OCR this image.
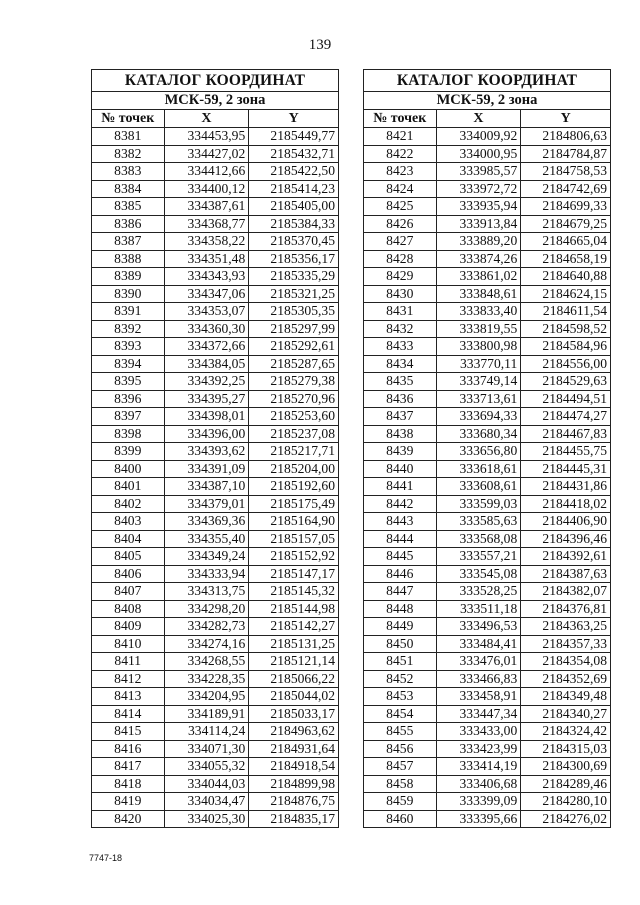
139
КАТАЛОГ КООРДИНАТ		
МСК-59, 2 зона		
№ точек	X	Y
8381	334453,95	2185449,77
8382	334427,02	2185432,71
8383	334412,66	2185422,50
8384	334400,12	2185414,23
8385	334387,61	2185405,00
8386	334368,77	2185384,33
8387	334358,22	2185370,45
8388	334351,48	2185356,17
8389	334343,93	2185335,29
8390	334347,06	2185321,25
8391	334353,07	2185305,35
8392	334360,30	2185297,99
8393	334372,66	2185292,61
8394	334384,05	2185287,65
8395	334392,25	2185279,38
8396	334395,27	2185270,96
8397	334398,01	2185253,60
8398	334396,00	2185237,08
8399	334393,62	2185217,71
8400	334391,09	2185204,00
8401	334387,10	2185192,60
8402	334379,01	2185175,49
8403	334369,36	2185164,90
8404	334355,40	2185157,05
8405	334349,24	2185152,92
8406	334333,94	2185147,17
8407	334313,75	2185145,32
8408	334298,20	2185144,98
8409	334282,73	2185142,27
8410	334274,16	2185131,25
8411	334268,55	2185121,14
8412	334228,35	2185066,22
8413	334204,95	2185044,02
8414	334189,91	2185033,17
8415	334114,24	2184963,62
8416	334071,30	2184931,64
8417	334055,32	2184918,54
8418	334044,03	2184899,98
8419	334034,47	2184876,75
8420	334025,30	2184835,17
КАТАЛОГ КООРДИНАТ		
МСК-59, 2 зона		
№ точек	X	Y
8421	334009,92	2184806,63
8422	334000,95	2184784,87
8423	333985,57	2184758,53
8424	333972,72	2184742,69
8425	333935,94	2184699,33
8426	333913,84	2184679,25
8427	333889,20	2184665,04
8428	333874,26	2184658,19
8429	333861,02	2184640,88
8430	333848,61	2184624,15
8431	333833,40	2184611,54
8432	333819,55	2184598,52
8433	333800,98	2184584,96
8434	333770,11	2184556,00
8435	333749,14	2184529,63
8436	333713,61	2184494,51
8437	333694,33	2184474,27
8438	333680,34	2184467,83
8439	333656,80	2184455,75
8440	333618,61	2184445,31
8441	333608,61	2184431,86
8442	333599,03	2184418,02
8443	333585,63	2184406,90
8444	333568,08	2184396,46
8445	333557,21	2184392,61
8446	333545,08	2184387,63
8447	333528,25	2184382,07
8448	333511,18	2184376,81
8449	333496,53	2184363,25
8450	333484,41	2184357,33
8451	333476,01	2184354,08
8452	333466,83	2184352,69
8453	333458,91	2184349,48
8454	333447,34	2184340,27
8455	333433,00	2184324,42
8456	333423,99	2184315,03
8457	333414,19	2184300,69
8458	333406,68	2184289,46
8459	333399,09	2184280,10
8460	333395,66	2184276,02
7747-18
